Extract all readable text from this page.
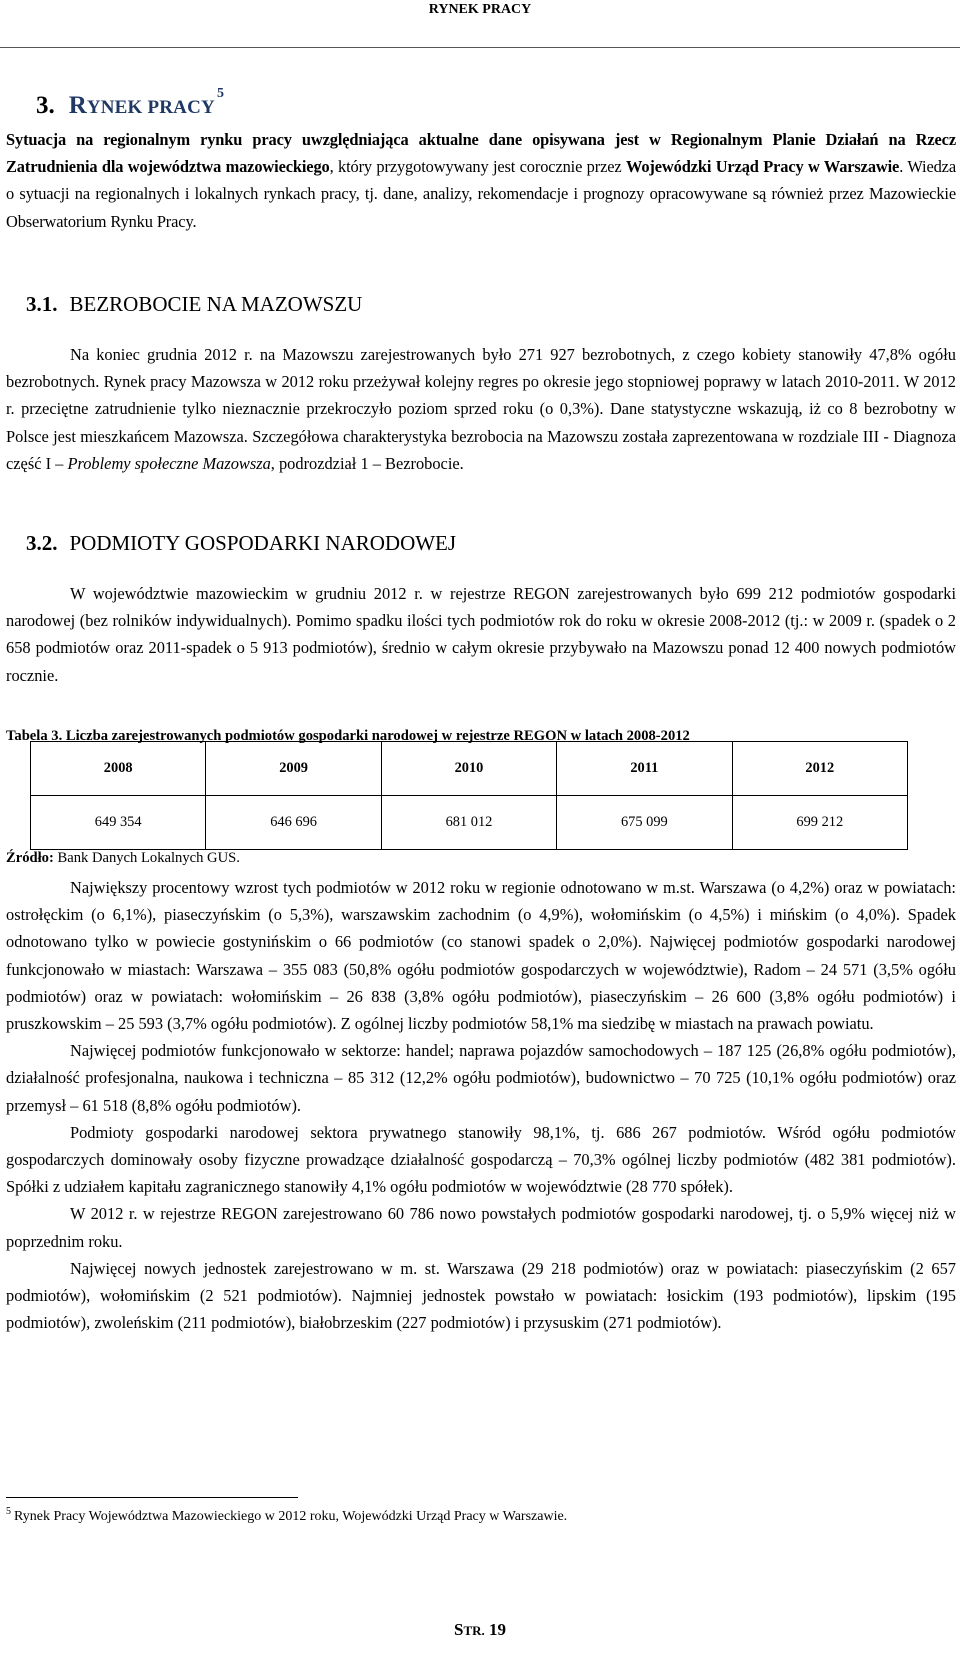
RYNEK PRACY
3. RYNEK PRACY$^5$

Sytuacja na regionalnym rynku pracy uwzględniająca aktualne dane opisywana jest w Regionalnym Planie Działań na Rzecz Zatrudnienia dla województwa mazowieckiego, który przygotowywany jest corocznie przez Wojewódzki Urząd Pracy w Warszawie. Wiedza o sytuacji na regionalnych i lokalnych rynkach pracy, tj. dane, analizy, rekomendacje i prognozy opracowywane są również przez Mazowieckie Obserwatorium Rynku Pracy.

3.1. BEZROBOCIE NA MAZOWSZU

Na koniec grudnia 2012 r. na Mazowszu zarejestrowanych było 271 927 bezrobotnych, z czego kobiety stanowiły 47,8% ogółu bezrobotnych. Rynek pracy Mazowsza w 2012 roku przeżywał kolejny regres po okresie jego stopniowej poprawy w latach 2010-2011. W 2012 r. przeciętne zatrudnienie tylko nieznacznie przekroczyło poziom sprzed roku (o 0,3%). Dane statystyczne wskazują, iż co 8 bezrobotny w Polsce jest mieszkańcem Mazowsza. Szczegółowa charakterystyka bezrobocia na Mazowszu została zaprezentowana w rozdziale III - Diagnoza część I – Problemy społeczne Mazowsza, podrozdział 1 – Bezrobocie.

3.2. PODMIOTY GOSPODARKI NARODOWEJ

W województwie mazowieckim w grudniu 2012 r. w rejestrze REGON zarejestrowanych było 699 212 podmiotów gospodarki narodowej (bez rolników indywidualnych). Pomimo spadku ilości tych podmiotów rok do roku w okresie 2008-2012 (tj.: w 2009 r. (spadek o 2 658 podmiotów oraz 2011-spadek o 5 913 podmiotów), średnio w całym okresie przybywało na Mazowszu ponad 12 400 nowych podmiotów rocznie.

Tabela 3. Liczba zarejestrowanych podmiotów gospodarki narodowej w rejestrze REGON w latach 2008-2012
2008	2009	2010	2011	2012
649 354	646 696	681 012	675 099	699 212
Źródło: Bank Danych Lokalnych GUS.

Największy procentowy wzrost tych podmiotów w 2012 roku w regionie odnotowano w m.st. Warszawa (o 4,2%) oraz w powiatach: ostrołęckim (o 6,1%), piaseczyńskim (o 5,3%), warszawskim zachodnim (o 4,9%), wołomińskim (o 4,5%) i mińskim (o 4,0%). Spadek odnotowano tylko w powiecie gostynińskim o 66 podmiotów (co stanowi spadek o 2,0%). Najwięcej podmiotów gospodarki narodowej funkcjonowało w miastach: Warszawa – 355 083 (50,8% ogółu podmiotów gospodarczych w województwie), Radom – 24 571 (3,5% ogółu podmiotów) oraz w powiatach: wołomińskim – 26 838 (3,8% ogółu podmiotów), piaseczyńskim – 26 600 (3,8% ogółu podmiotów) i pruszkowskim – 25 593 (3,7% ogółu podmiotów). Z ogólnej liczby podmiotów 58,1% ma siedzibę w miastach na prawach powiatu.

Najwięcej podmiotów funkcjonowało w sektorze: handel; naprawa pojazdów samochodowych – 187 125 (26,8% ogółu podmiotów), działalność profesjonalna, naukowa i techniczna – 85 312 (12,2% ogółu podmiotów), budownictwo – 70 725 (10,1% ogółu podmiotów) oraz przemysł – 61 518 (8,8% ogółu podmiotów).

Podmioty gospodarki narodowej sektora prywatnego stanowiły 98,1%, tj. 686 267 podmiotów. Wśród ogółu podmiotów gospodarczych dominowały osoby fizyczne prowadzące działalność gospodarczą – 70,3% ogólnej liczby podmiotów (482 381 podmiotów). Spółki z udziałem kapitału zagranicznego stanowiły 4,1% ogółu podmiotów w województwie (28 770 spółek).

W 2012 r. w rejestrze REGON zarejestrowano 60 786 nowo powstałych podmiotów gospodarki narodowej, tj. o 5,9% więcej niż w poprzednim roku.

Najwięcej nowych jednostek zarejestrowano w m. st. Warszawa (29 218 podmiotów) oraz w powiatach: piaseczyńskim (2 657 podmiotów), wołomińskim (2 521 podmiotów). Najmniej jednostek powstało w powiatach: łosickim (193 podmiotów), lipskim (195 podmiotów), zwoleńskim (211 podmiotów), białobrzeskim (227 podmiotów) i przysuskim (271 podmiotów).

$^5$ Rynek Pracy Województwa Mazowieckiego w 2012 roku, Wojewódzki Urząd Pracy w Warszawie.
STR. 19
